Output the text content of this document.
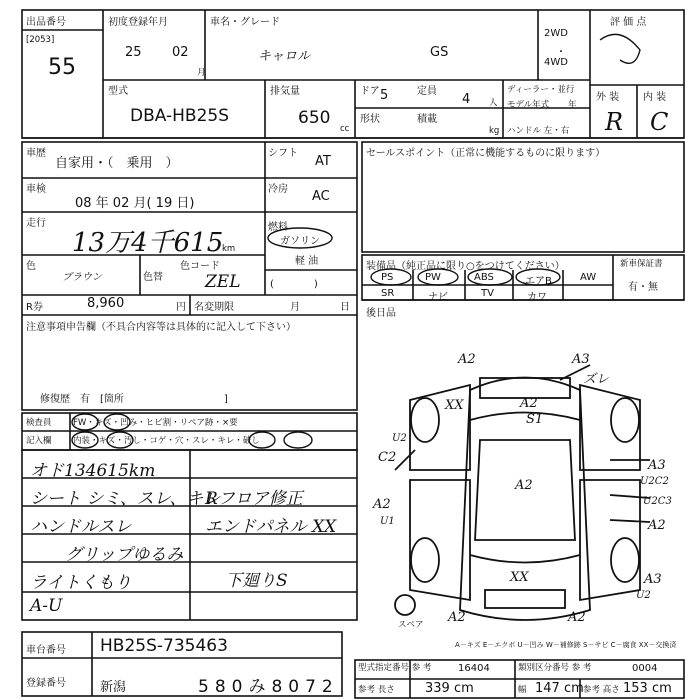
出品番号
[2053]
55
初度登録年月
25 02
月
車名・グレード
キャロル	GS
2WD
・
4WD
評 価 点
外 装 内 装
R C
型式
DBA-HB25S
排気量
650
cc
ドア 5	定員
4 人
形状	積載
kg
ディーラー・並行
モデル年式 年
ハンドル 左・右
車歴
自家用・（　乗用　）
シフト
AT
車検
08 年 02 月( 19 日)
冷房 AC
走行
13万4千615
km
燃料
ガソリン
軽 油
(　　　　)
色
ブラウン	色替
色コード
ZEL
R券	8,960	円 名変期限	月	日
注意事項申告欄（不具合内容等は具体的に記入して下さい）
修復歴　有　[箇所　　　　　　　　　　]
セールスポイント（正常に機能するものに限ります）
装備品（純正品に限り○をつけてください）	新車保証書
有・無
PS	PW	ABS	エアB	AW
SR	ナビ	TV	カワ
後日品
検査員
記入欄
FW・キズ・凹み・ヒビ割・リペア跡・×要
内装・キズ・汚し・コゲ・穴・スレ・キレ・破し
オド134615km
シート シミ、スレ、キレ
ハンドルスレ
グリップゆるみ
ライトくもり
A-U
Rフロア修正
エンドパネル XX
下廻りS
A2	A3
ズレ
XX	A2
S1
U2
C2
A2
A3
U2C2
U2C3
A2
U1	A2
XX	A3
U2
A2	A2
スペア
A－キズ E－エクボ U－凹み W－補修跡 S－サビ C－腐食 XX－交換済
車台番号 HB25S-735463
登録番号	新潟	580み8072
型式指定番号 参 考	16404	類別区分番号 参 考	0004
参考 長さ 339 cm	幅 147 cm 参考 高さ 153 cm
